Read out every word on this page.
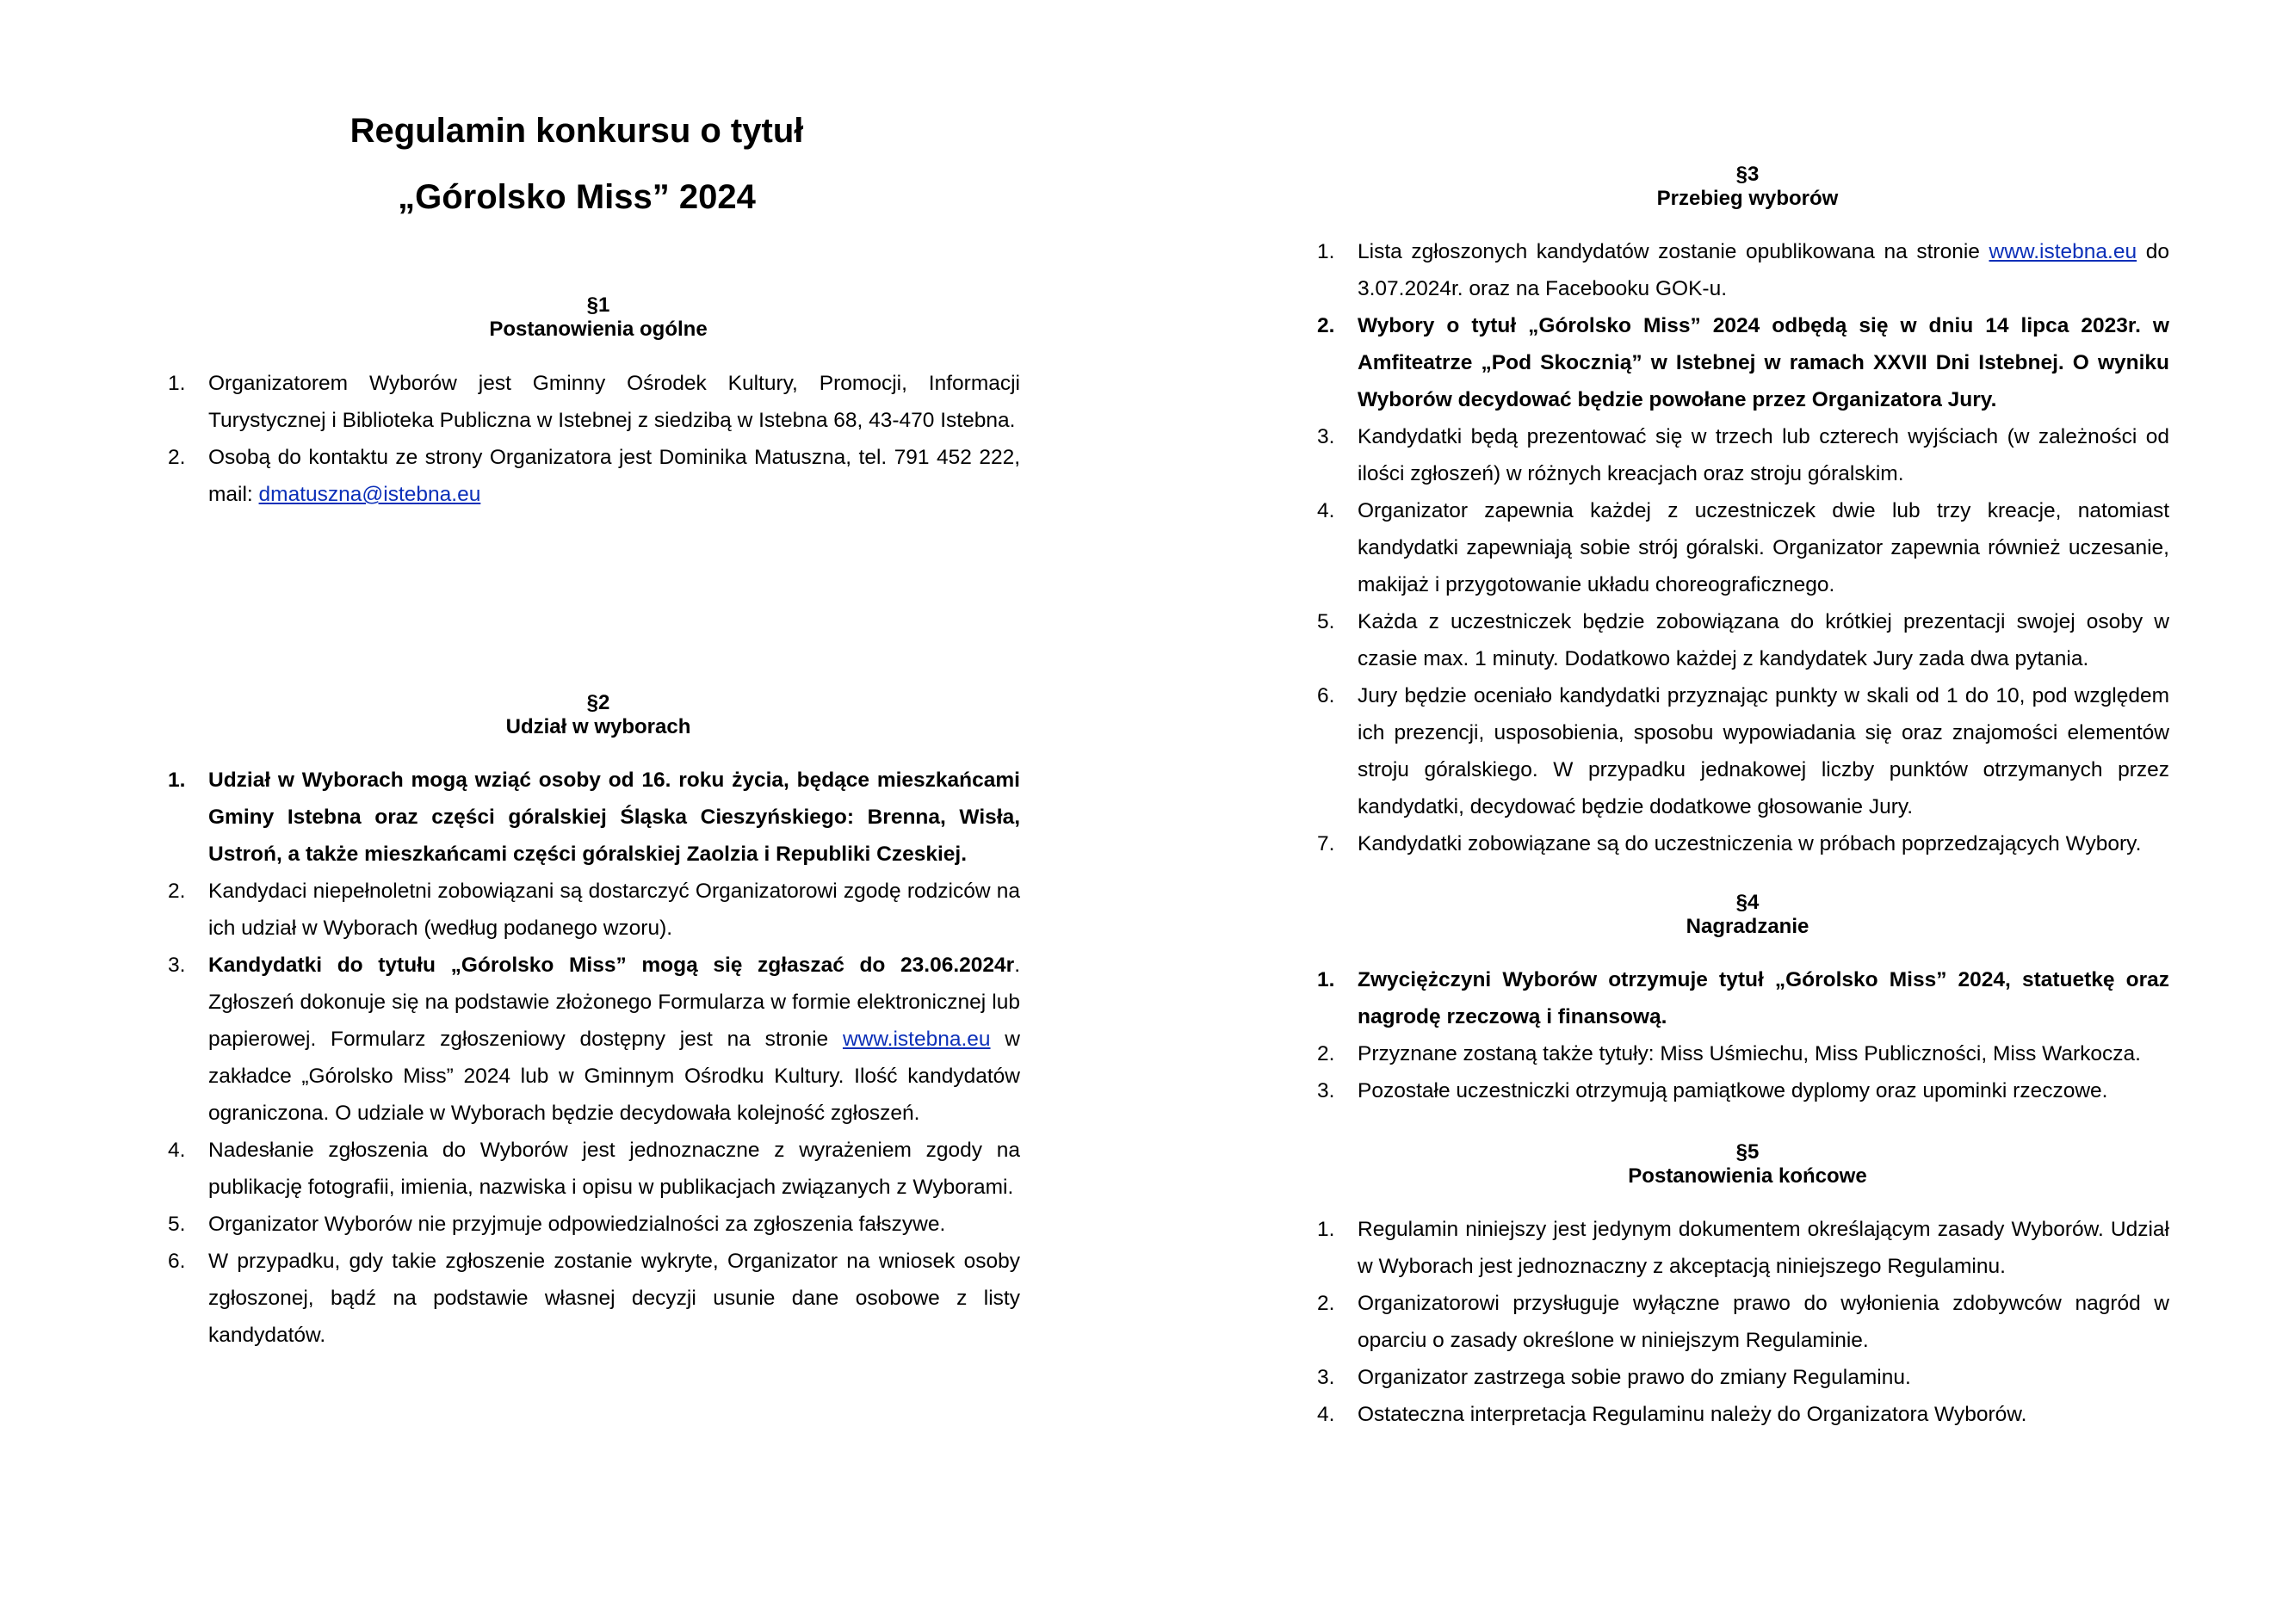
Regulamin konkursu o tytuł
„Górolsko Miss” 2024
§1
Postanowienia ogólne
1. Organizatorem Wyborów jest Gminny Ośrodek Kultury, Promocji, Informacji Turystycznej i Biblioteka Publiczna w Istebnej z siedzibą w Istebna 68, 43-470 Istebna.
2. Osobą do kontaktu ze strony Organizatora jest Dominika Matuszna, tel. 791 452 222, mail: dmatuszna@istebna.eu
§2
Udział w wyborach
1. Udział w Wyborach mogą wziąć osoby od 16. roku życia, będące mieszkańcami Gminy Istebna oraz części góralskiej Śląska Cieszyńskiego: Brenna, Wisła, Ustroń, a także mieszkańcami części góralskiej Zaolzia i Republiki Czeskiej.
2. Kandydaci niepełnoletni zobowiązani są dostarczyć Organizatorowi zgodę rodziców na ich udział w Wyborach (według podanego wzoru).
3. Kandydatki do tytułu „Górolsko Miss” mogą się zgłaszać do 23.06.2024r. Zgłoszeń dokonuje się na podstawie złożonego Formularza w formie elektronicznej lub papierowej. Formularz zgłoszeniowy dostępny jest na stronie www.istebna.eu w zakładce „Górolsko Miss” 2024 lub w Gminnym Ośrodku Kultury. Ilość kandydatów ograniczona. O udziale w Wyborach będzie decydowała kolejność zgłoszeń.
4. Nadesłanie zgłoszenia do Wyborów jest jednoznaczne z wyrażeniem zgody na publikację fotografii, imienia, nazwiska i opisu w publikacjach związanych z Wyborami.
5. Organizator Wyborów nie przyjmuje odpowiedzialności za zgłoszenia fałszywe.
6. W przypadku, gdy takie zgłoszenie zostanie wykryte, Organizator na wniosek osoby zgłoszonej, bądź na podstawie własnej decyzji usunie dane osobowe z listy kandydatów.
§3
Przebieg wyborów
1. Lista zgłoszonych kandydatów zostanie opublikowana na stronie www.istebna.eu do 3.07.2024r. oraz na Facebooku GOK-u.
2. Wybory o tytuł „Górolsko Miss” 2024 odbędą się w dniu 14 lipca 2023r. w Amfiteatrze „Pod Skocznią” w Istebnej w ramach XXVII Dni Istebnej. O wyniku Wyborów decydować będzie powołane przez Organizatora Jury.
3. Kandydatki będą prezentować się w trzech lub czterech wyjściach (w zależności od ilości zgłoszeń) w różnych kreacjach oraz stroju góralskim.
4. Organizator zapewnia każdej z uczestniczek dwie lub trzy kreacje, natomiast kandydatki zapewniają sobie strój góralski. Organizator zapewnia również uczesanie, makijaż i przygotowanie układu choreograficznego.
5. Każda z uczestniczek będzie zobowiązana do krótkiej prezentacji swojej osoby w czasie max. 1 minuty. Dodatkowo każdej z kandydatek Jury zada dwa pytania.
6. Jury będzie oceniało kandydatki przyznając punkty w skali od 1 do 10, pod względem ich prezencji, usposobienia, sposobu wypowiadania się oraz znajomości elementów stroju góralskiego. W przypadku jednakowej liczby punktów otrzymanych przez kandydatki, decydować będzie dodatkowe głosowanie Jury.
7. Kandydatki zobowiązane są do uczestniczenia w próbach poprzedzających Wybory.
§4
Nagradzanie
1. Zwyciężczyni Wyborów otrzymuje tytuł „Górolsko Miss” 2024, statuetkę oraz nagrodę rzeczową i finansową.
2. Przyznane zostaną także tytuły: Miss Uśmiechu, Miss Publiczności, Miss Warkocza.
3. Pozostałe uczestniczki otrzymują pamiątkowe dyplomy oraz upominki rzeczowe.
§5
Postanowienia końcowe
1. Regulamin niniejszy jest jedynym dokumentem określającym zasady Wyborów. Udział w Wyborach jest jednoznaczny z akceptacją niniejszego Regulaminu.
2. Organizatorowi przysługuje wyłączne prawo do wyłonienia zdobywców nagród w oparciu o zasady określone w niniejszym Regulaminie.
3. Organizator zastrzega sobie prawo do zmiany Regulaminu.
4. Ostateczna interpretacja Regulaminu należy do Organizatora Wyborów.
